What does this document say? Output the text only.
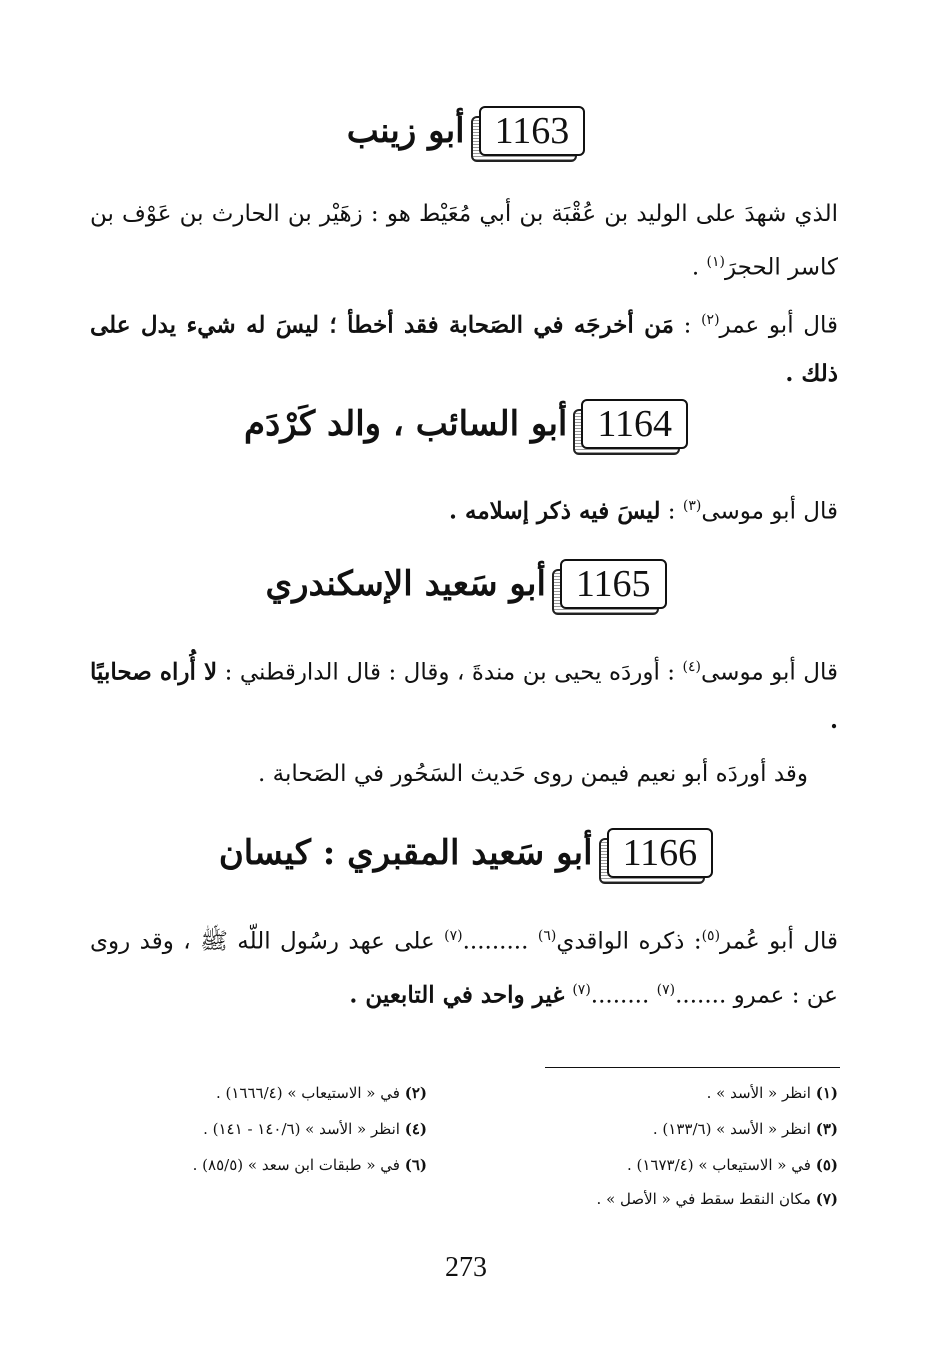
1163
أبو زينب
الذي شهدَ على الوليد بن عُقْبَة بن أبي مُعَيْط هو : زهَيْر بن الحارث بن عَوْف بن كاسر الحجرَ$^{(١)}$ .
قال أبو عمر$^{(٢)}$ : مَن أخرجَه في الصَحابة فقد أخطأ ؛ ليسَ له شيء يدل على ذلك .
1164
أبو السائب ، والد كَرْدَم
قال أبو موسى$^{(٣)}$ : ليسَ فيه ذكر إسلامه .
1165
أبو سَعيد الإسكندري
قال أبو موسى$^{(٤)}$ : أوردَه يحيى بن مندةَ ، وقال : قال الدارقطني : لا أُراه صحابيًا .
وقد أوردَه أبو نعيم فيمن روى حَديث السَحُور في الصَحابة .
1166
أبو سَعيد المقبري : كيسان
قال أبو عُمر$^{(٥)}$: ذكره الواقدي$^{(٦)}$ .........$^{(٧)}$ على عهد رسُول اللّه ﷺ ، وقد روى عن : عمرو .......$^{(٧)}$ ........$^{(٧)}$ غير واحد في التابعين .
(١) انظر « الأسد » .
(٣) انظر « الأسد » (١٣٣/٦) .
(٥) في « الاستيعاب » (١٦٧٣/٤) .
(٧) مكان النقط سقط في « الأصل » .
(٢) في « الاستيعاب » (١٦٦٦/٤) .
(٤) انظر « الأسد » (١٤٠/٦ - ١٤١) .
(٦) في « طبقات ابن سعد » (٨٥/٥) .
273
